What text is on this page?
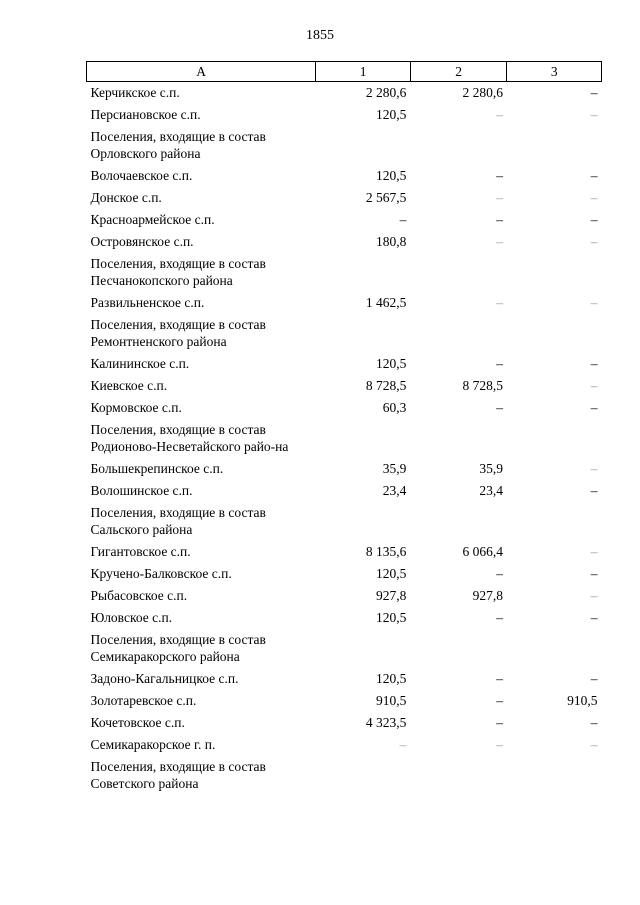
1855
А	1	2	3
Керчикское с.п.	2 280,6	2 280,6	–
Персиановское с.п.	120,5	–	–
Поселения, входящие в состав Орловского района			
Волочаевское с.п.	120,5	–	–
Донское с.п.	2 567,5	–	–
Красноармейское с.п.	–	–	–
Островянское с.п.	180,8	–	–
Поселения, входящие в состав Песчанокопского района			
Развильненское с.п.	1 462,5	–	–
Поселения, входящие в состав Ремонтненского района			
Калининское с.п.	120,5	–	–
Киевское с.п.	8 728,5	8 728,5	–
Кормовское с.п.	60,3	–	–
Поселения, входящие в состав Родионово-Несветайского райо-на			
Большекрепинское с.п.	35,9	35,9	–
Волошинское с.п.	23,4	23,4	–
Поселения, входящие в состав Сальского района			
Гигантовское с.п.	8 135,6	6 066,4	–
Кручено-Балковское с.п.	120,5	–	–
Рыбасовское с.п.	927,8	927,8	–
Юловское с.п.	120,5	–	–
Поселения, входящие в состав Семикаракорского района			
Задоно-Кагальницкое с.п.	120,5	–	–
Золотаревское с.п.	910,5	–	910,5
Кочетовское с.п.	4 323,5	–	–
Семикаракорское г. п.	–	–	–
Поселения, входящие в состав Советского района			
